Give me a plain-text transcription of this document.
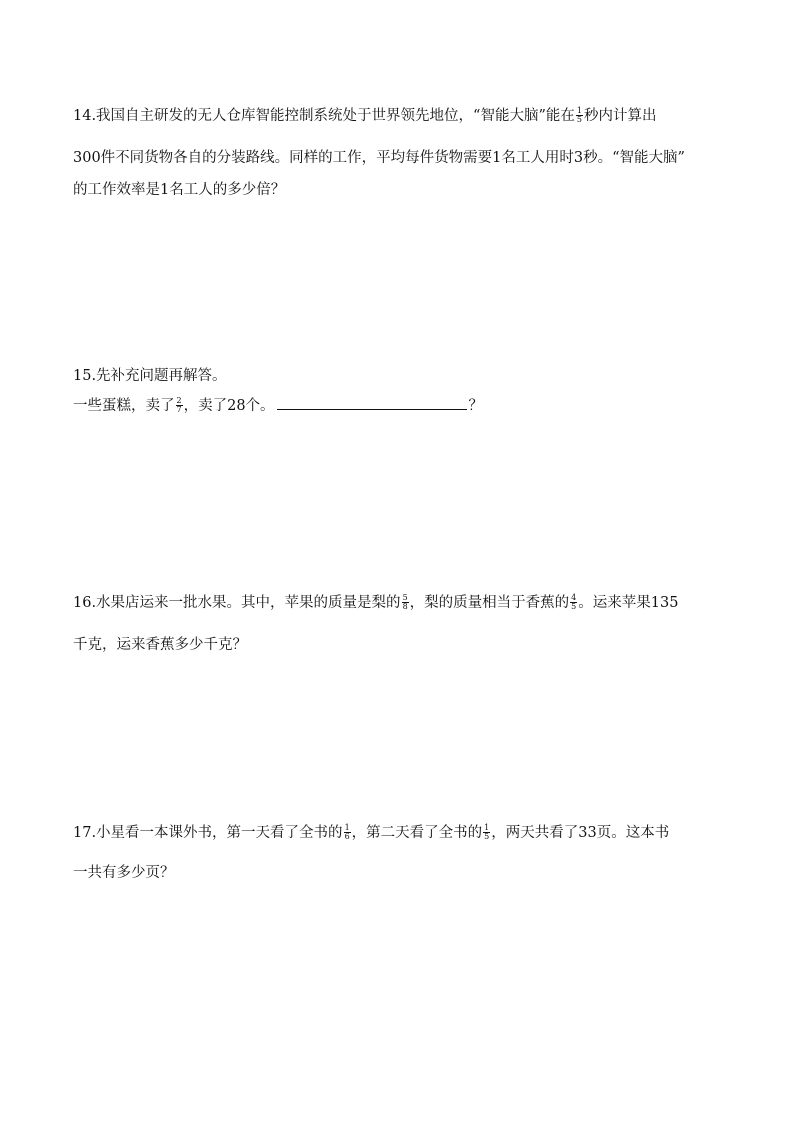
14.我国自主研发的无人仓库智能控制系统处于世界领先地位，“智能大脑”能在 $\frac{1}{5}$ 秒内计算出
300件不同货物各自的分装路线。同样的工作，平均每件货物需要1名工人用时3秒。“智能大脑”
的工作效率是1名工人的多少倍？
15.先补充问题再解答。
一些蛋糕，卖了 $\frac{2}{7}$ ，卖了28个。	？
16.水果店运来一批水果。其中，苹果的质量是梨的 $\frac{5}{8}$ ，梨的质量相当于香蕉的 $\frac{4}{5}$ 。运来苹果135
千克，运来香蕉多少千克？
17.小星看一本课外书，第一天看了全书的 $\frac{1}{6}$ ，第二天看了全书的 $\frac{1}{5}$ ，两天共看了33页。这本书
一共有多少页？
